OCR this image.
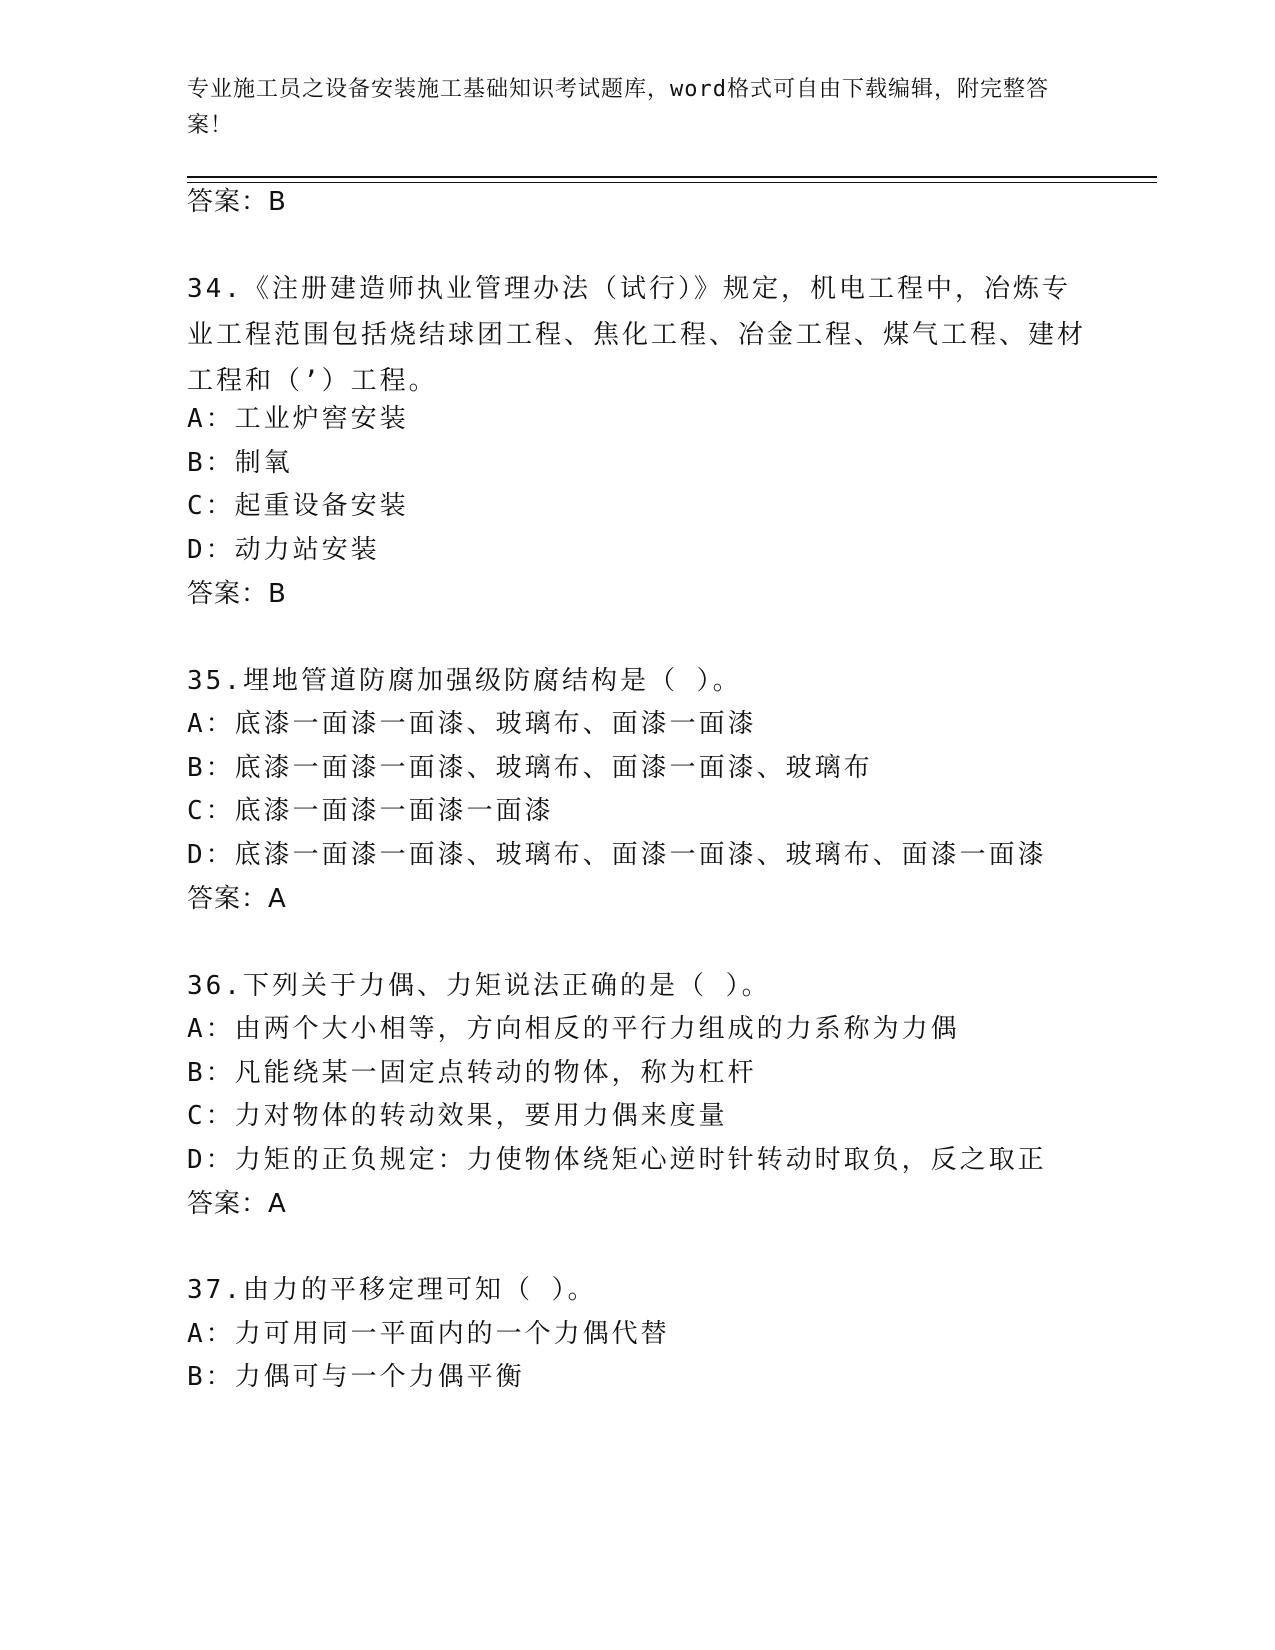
专业施工员之设备安装施工基础知识考试题库，word格式可自由下载编辑，附完整答案！
答案：B
34.《注册建造师执业管理办法（试行）》规定，机电工程中，冶炼专业工程范围包括烧结球团工程、焦化工程、冶金工程、煤气工程、建材工程和（’）工程。
A：工业炉窖安装
B：制氧
C：起重设备安装
D：动力站安装
答案：B
35.埋地管道防腐加强级防腐结构是（ ）。
A：底漆一面漆一面漆、玻璃布、面漆一面漆
B：底漆一面漆一面漆、玻璃布、面漆一面漆、玻璃布
C：底漆一面漆一面漆一面漆
D：底漆一面漆一面漆、玻璃布、面漆一面漆、玻璃布、面漆一面漆
答案：A
36.下列关于力偶、力矩说法正确的是（ ）。
A：由两个大小相等，方向相反的平行力组成的力系称为力偶
B：凡能绕某一固定点转动的物体，称为杠杆
C：力对物体的转动效果，要用力偶来度量
D：力矩的正负规定：力使物体绕矩心逆时针转动时取负，反之取正
答案：A
37.由力的平移定理可知（ ）。
A：力可用同一平面内的一个力偶代替
B：力偶可与一个力偶平衡
